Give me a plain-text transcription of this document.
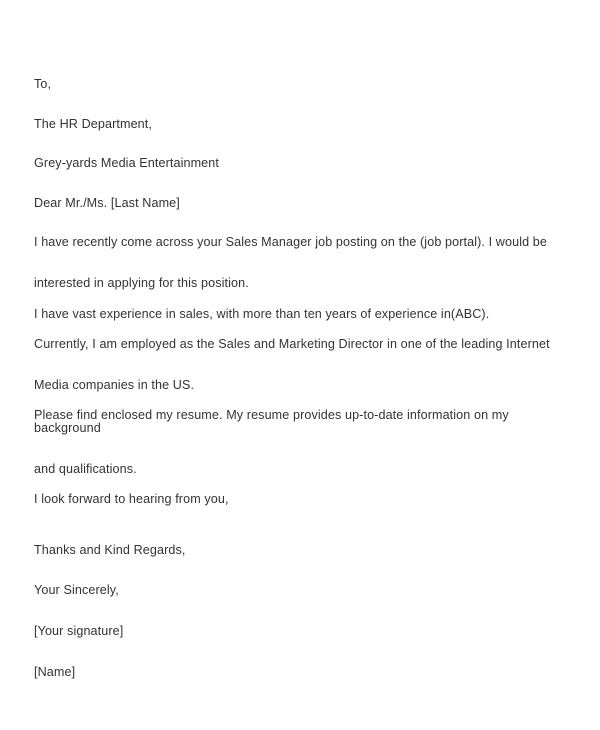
To,
The HR Department,
Grey-yards Media Entertainment
Dear Mr./Ms. [Last Name]
I have recently come across your Sales Manager job posting on the (job portal). I would be
interested in applying for this position.
I have vast experience in sales, with more than ten years of experience in(ABC).
Currently, I am employed as the Sales and Marketing Director in one of the leading Internet
Media companies in the US.
Please find enclosed my resume. My resume provides up-to-date information on my background
and qualifications.
I look forward to hearing from you,
Thanks and Kind Regards,
Your Sincerely,
[Your signature]
[Name]
